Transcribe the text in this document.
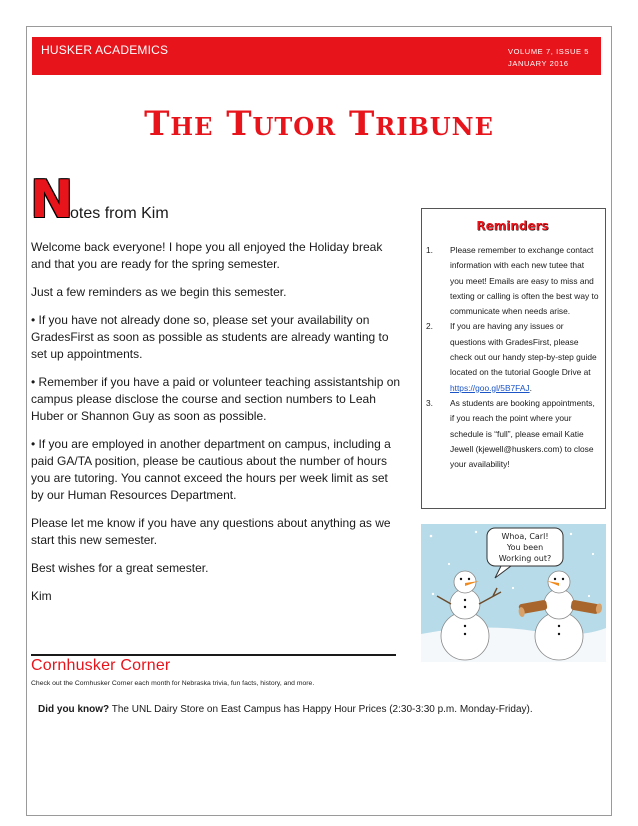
HUSKER ACADEMICS	VOLUME 7, ISSUE 5
JANUARY 2016
The Tutor Tribune
N
otes from Kim

Welcome back everyone! I hope you all enjoyed the Holiday break and that you are ready for the spring semester.

Just a few reminders as we begin this semester.

• If you have not already done so, please set your availability on GradesFirst as soon as possible as students are already wanting to set up appointments.

• Remember if you have a paid or volunteer teaching assistantship on campus please disclose the course and section numbers to Leah Huber or Shannon Guy as soon as possible.

• If you are employed in another department on campus, including a paid GA/TA position, please be cautious about the number of hours you are tutoring. You cannot exceed the hours per week limit as set by our Human Resources Department.

Please let me know if you have any questions about anything as we start this new semester.

Best wishes for a great semester.

Kim

Reminders
1. Please remember to exchange contact information with each new tutee that you meet! Emails are easy to miss and texting or calling is often the best way to communicate when needs arise.
2. If you are having any issues or questions with GradesFirst, please check out our handy step-by-step guide located on the tutorial Google Drive at https://goo.gl/5B7FAJ.
3. As students are booking appointments, if you reach the point where your schedule is “full”, please email Katie Jewell (kjewell@huskers.com) to close your availability!
Whoa, Carl!
You been
Working out?
Cornhusker Corner
Check out the Cornhusker Corner each month for Nebraska trivia, fun facts, history, and more.
Did you know? The UNL Dairy Store on East Campus has Happy Hour Prices (2:30-3:30 p.m. Monday-Friday).
